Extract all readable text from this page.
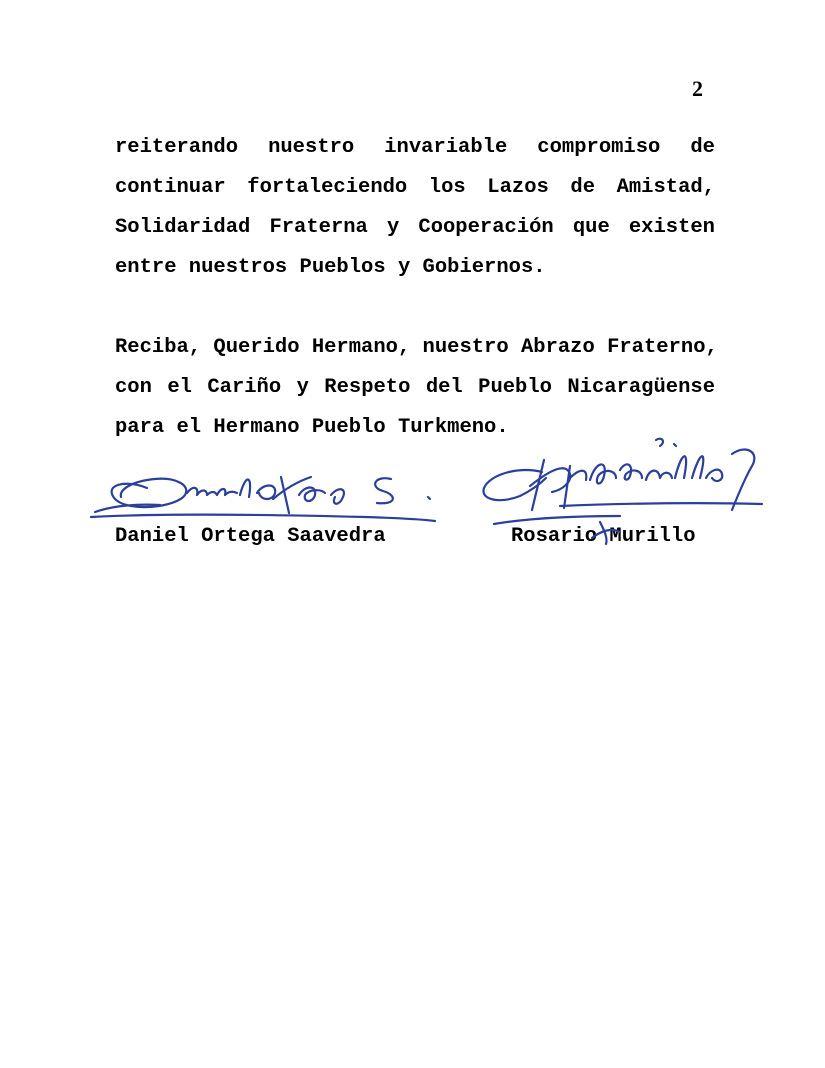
2
reiterando nuestro invariable compromiso de
continuar fortaleciendo los Lazos de Amistad,
Solidaridad Fraterna y Cooperación que existen
entre nuestros Pueblos y Gobiernos.
Reciba, Querido Hermano, nuestro Abrazo Fraterno,
con el Cariño y Respeto del Pueblo Nicaragüense
para el Hermano Pueblo Turkmeno.
Daniel Ortega Saavedra	Rosario Murillo
